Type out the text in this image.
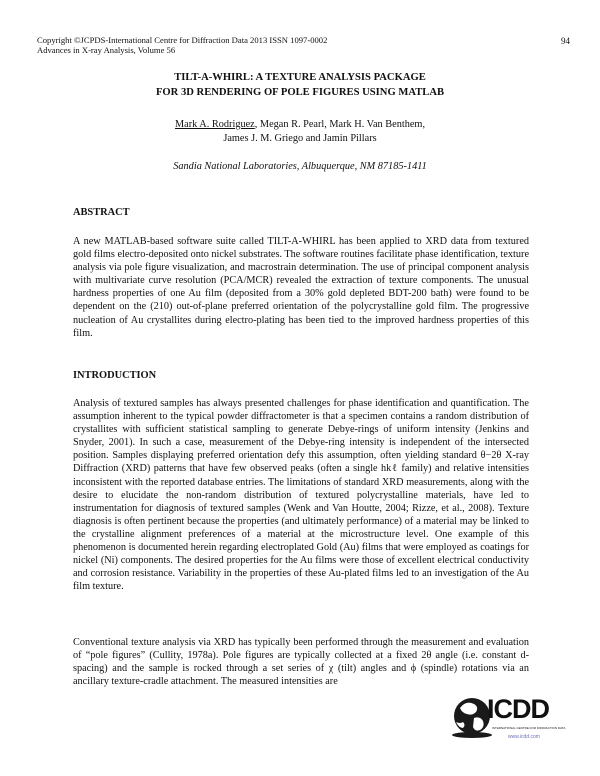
Copyright ©JCPDS-International Centre for Diffraction Data 2013 ISSN 1097-0002
Advances in X-ray Analysis, Volume 56
94
TILT-A-WHIRL: A TEXTURE ANALYSIS PACKAGE
FOR 3D RENDERING OF POLE FIGURES USING MATLAB
Mark A. Rodriguez, Megan R. Pearl, Mark H. Van Benthem,
James J. M. Griego and Jamin Pillars
Sandia National Laboratories, Albuquerque, NM 87185-1411
ABSTRACT
A new MATLAB-based software suite called TILT-A-WHIRL has been applied to XRD data from textured gold films electro-deposited onto nickel substrates. The software routines facilitate phase identification, texture analysis via pole figure visualization, and macrostrain determination. The use of principal component analysis with multivariate curve resolution (PCA/MCR) revealed the extraction of texture components. The unusual hardness properties of one Au film (deposited from a 30% gold depleted BDT-200 bath) were found to be dependent on the (210) out-of-plane preferred orientation of the polycrystalline gold film. The progressive nucleation of Au crystallites during electro-plating has been tied to the improved hardness properties of this film.
INTRODUCTION
Analysis of textured samples has always presented challenges for phase identification and quantification. The assumption inherent to the typical powder diffractometer is that a specimen contains a random distribution of crystallites with sufficient statistical sampling to generate Debye-rings of uniform intensity (Jenkins and Snyder, 2001). In such a case, measurement of the Debye-ring intensity is independent of the intersected position. Samples displaying preferred orientation defy this assumption, often yielding standard θ−2θ X-ray Diffraction (XRD) patterns that have few observed peaks (often a single hkℓ family) and relative intensities inconsistent with the reported database entries. The limitations of standard XRD measurements, along with the desire to elucidate the non-random distribution of textured polycrystalline materials, have led to instrumentation for diagnosis of textured samples (Wenk and Van Houtte, 2004; Rizze, et al., 2008). Texture diagnosis is often pertinent because the properties (and ultimately performance) of a material may be linked to the crystalline alignment preferences of a material at the microstructure level. One example of this phenomenon is documented herein regarding electroplated Gold (Au) films that were employed as coatings for nickel (Ni) components. The desired properties for the Au films were those of excellent electrical conductivity and corrosion resistance. Variability in the properties of these Au-plated films led to an investigation of the Au film texture.
Conventional texture analysis via XRD has typically been performed through the measurement and evaluation of “pole figures” (Cullity, 1978a). Pole figures are typically collected at a fixed 2θ angle (i.e. constant d-spacing) and the sample is rocked through a set series of χ (tilt) angles and ϕ (spindle) rotations via an ancillary texture-cradle attachment. The measured intensities are
ICDD
INTERNATIONAL CENTRE FOR DIFFRACTION DATA
www.icdd.com
